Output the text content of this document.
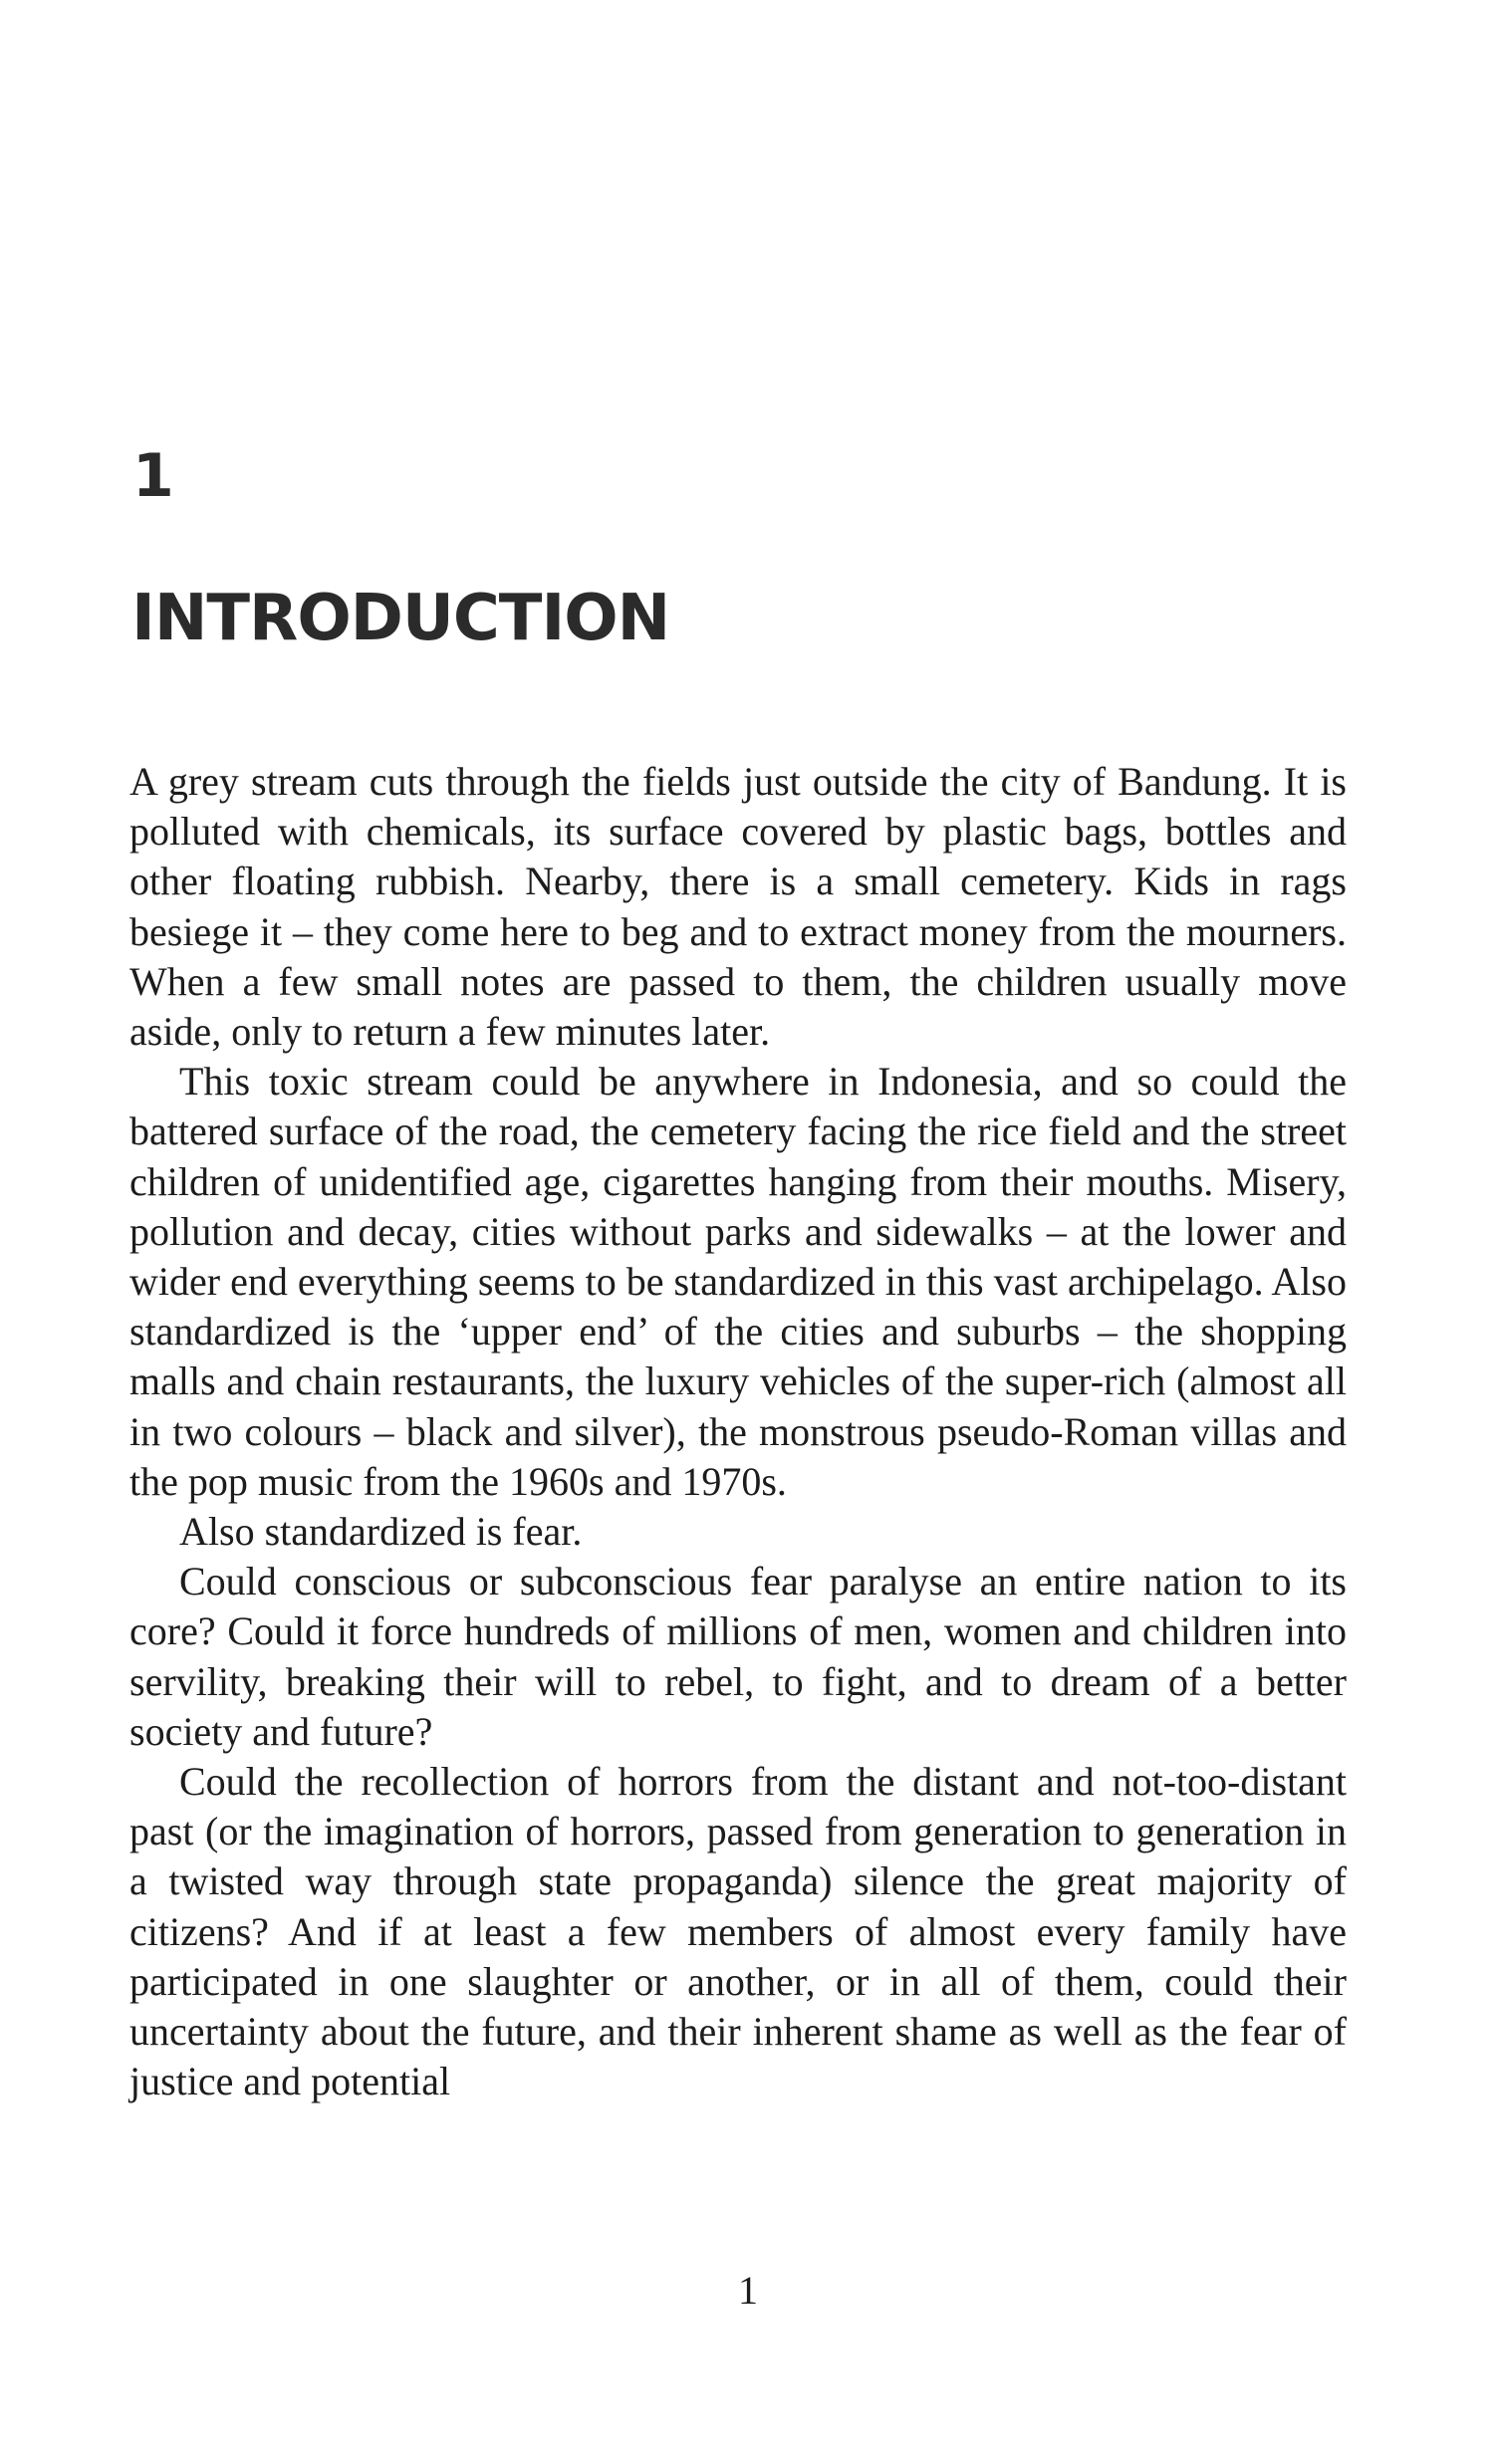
1
INTRODUCTION

A grey stream cuts through the fields just outside the city of Bandung. It is polluted with chemicals, its surface covered by plastic bags, bottles and other floating rubbish. Nearby, there is a small cemetery. Kids in rags besiege it – they come here to beg and to extract money from the mourners. When a few small notes are passed to them, the children usually move aside, only to return a few minutes later.

This toxic stream could be anywhere in Indonesia, and so could the battered surface of the road, the cemetery facing the rice field and the street children of unidentified age, cigarettes hanging from their mouths. Misery, pollution and decay, cities without parks and sidewalks – at the lower and wider end everything seems to be standardized in this vast archipelago. Also standardized is the ‘upper end’ of the cities and suburbs – the shopping malls and chain restaurants, the luxury vehicles of the super-rich (almost all in two colours – black and silver), the monstrous pseudo-Roman villas and the pop music from the 1960s and 1970s.

Also standardized is fear.

Could conscious or subconscious fear paralyse an entire nation to its core? Could it force hundreds of millions of men, women and children into servility, breaking their will to rebel, to fight, and to dream of a better society and future?

Could the recollection of horrors from the distant and not-too-distant past (or the imagination of horrors, passed from generation to generation in a twisted way through state propaganda) silence the great majority of citizens? And if at least a few members of almost every family have participated in one slaughter or another, or in all of them, could their uncertainty about the future, and their inherent shame as well as the fear of justice and potential

1
